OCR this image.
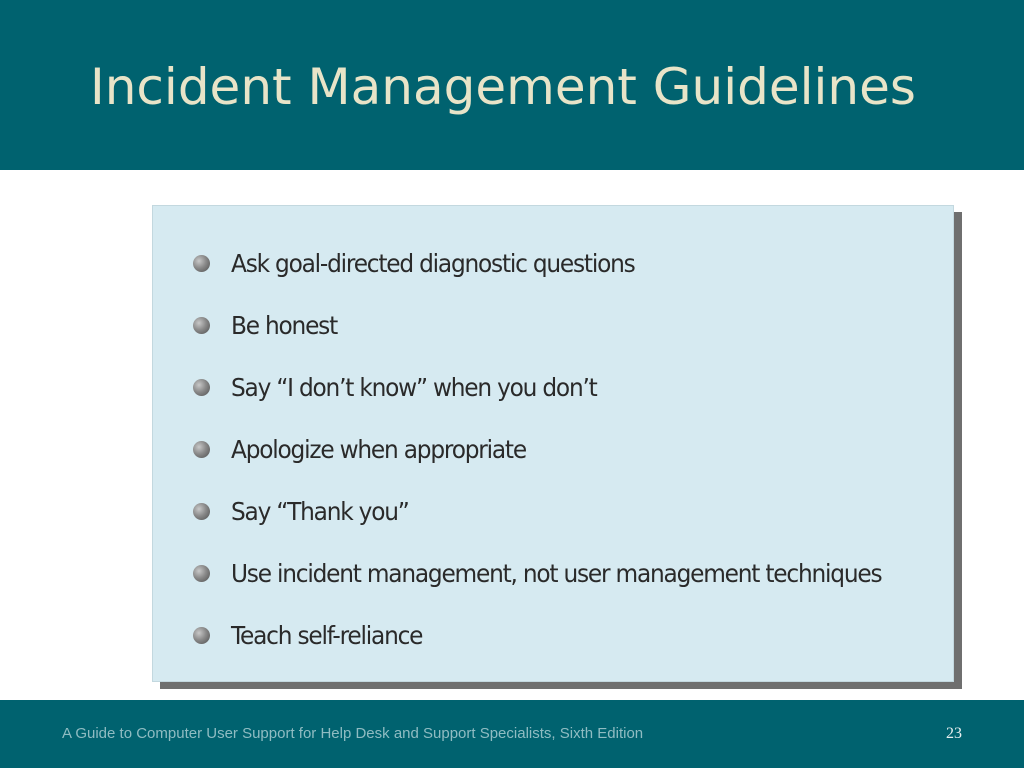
Incident Management Guidelines
Ask goal-directed diagnostic questions
Be honest
Say “I don’t know” when you don’t
Apologize when appropriate
Say “Thank you”
Use incident management, not user management techniques
Teach self-reliance
A Guide to Computer User Support for Help Desk and Support Specialists, Sixth Edition	23
